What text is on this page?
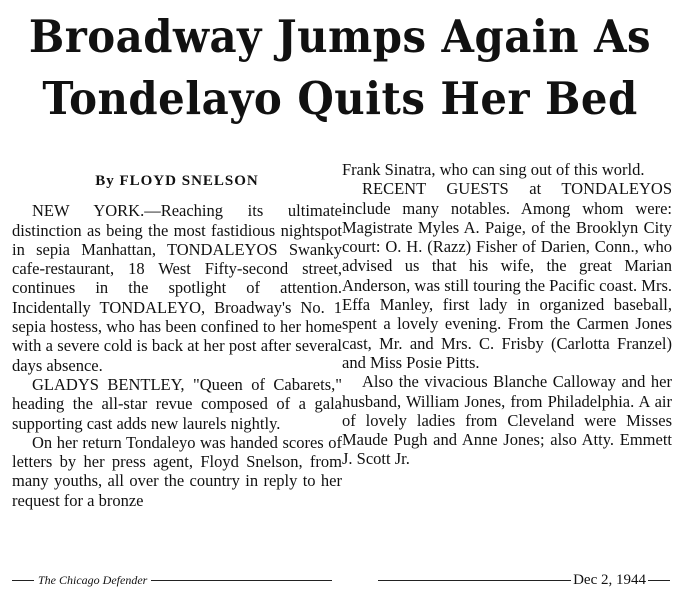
Broadway Jumps Again As
Tondelayo Quits Her Bed

By FLOYD SNELSON

NEW YORK.—Reaching its ultimate distinction as being the most fastidious nightspot in sepia Manhattan, TONDALEYOS Swanky cafe-restaurant, 18 West Fifty-second street, continues in the spotlight of attention. Incidentally TONDALEYO, Broadway's No. 1 sepia hostess, who has been confined to her home with a severe cold is back at her post after several days absence.

GLADYS BENTLEY, "Queen of Cabarets," heading the all-star revue composed of a gala supporting cast adds new laurels nightly.

On her return Tondaleyo was handed scores of letters by her press agent, Floyd Snelson, from many youths, all over the country in reply to her request for a bronze

Frank Sinatra, who can sing out of this world.

RECENT GUESTS at TONDALEYOS include many notables. Among whom were: Magistrate Myles A. Paige, of the Brooklyn City court: O. H. (Razz) Fisher of Darien, Conn., who advised us that his wife, the great Marian Anderson, was still touring the Pacific coast. Mrs. Effa Manley, first lady in organized baseball, spent a lovely evening. From the Carmen Jones cast, Mr. and Mrs. C. Frisby (Carlotta Franzel) and Miss Posie Pitts.

Also the vivacious Blanche Calloway and her husband, William Jones, from Philadelphia. A air of lovely ladies from Cleveland were Misses Maude Pugh and Anne Jones; also Atty. Emmett J. Scott Jr.

The Chicago Defender	Dec 2, 1944
